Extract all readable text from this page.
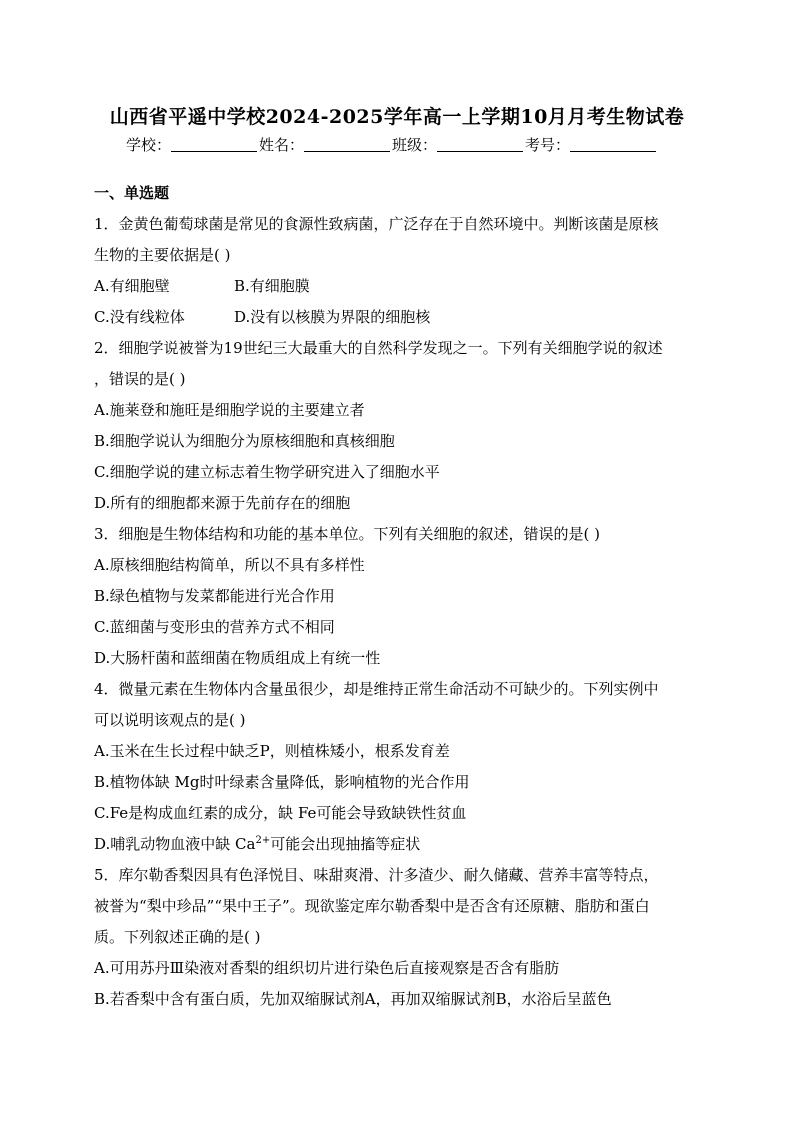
山西省平遥中学校2024-2025学年高一上学期10月月考生物试卷
学校：	姓名：	班级：	考号：
一、单选题
1．金黄色葡萄球菌是常见的食源性致病菌，广泛存在于自然环境中。判断该菌是原核
生物的主要依据是( )
A.有细胞壁	B.有细胞膜
C.没有线粒体	D.没有以核膜为界限的细胞核
2．细胞学说被誉为19世纪三大最重大的自然科学发现之一。下列有关细胞学说的叙述
，错误的是( )
A.施莱登和施旺是细胞学说的主要建立者
B.细胞学说认为细胞分为原核细胞和真核细胞
C.细胞学说的建立标志着生物学研究进入了细胞水平
D.所有的细胞都来源于先前存在的细胞
3．细胞是生物体结构和功能的基本单位。下列有关细胞的叙述，错误的是( )
A.原核细胞结构简单，所以不具有多样性
B.绿色植物与发菜都能进行光合作用
C.蓝细菌与变形虫的营养方式不相同
D.大肠杆菌和蓝细菌在物质组成上有统一性
4．微量元素在生物体内含量虽很少，却是维持正常生命活动不可缺少的。下列实例中
可以说明该观点的是( )
A.玉米在生长过程中缺乏P，则植株矮小，根系发育差
B.植物体缺 Mg时叶绿素含量降低，影响植物的光合作用
C.Fe是构成血红素的成分，缺 Fe可能会导致缺铁性贫血
D.哺乳动物血液中缺 $Ca^{2+}$可能会出现抽搐等症状
5．库尔勒香梨因具有色泽悦目、味甜爽滑、汁多渣少、耐久储藏、营养丰富等特点，
被誉为“梨中珍品”“果中王子”。现欲鉴定库尔勒香梨中是否含有还原糖、脂肪和蛋白
质。下列叙述正确的是( )
A.可用苏丹Ⅲ染液对香梨的组织切片进行染色后直接观察是否含有脂肪
B.若香梨中含有蛋白质，先加双缩脲试剂A，再加双缩脲试剂B，水浴后呈蓝色
